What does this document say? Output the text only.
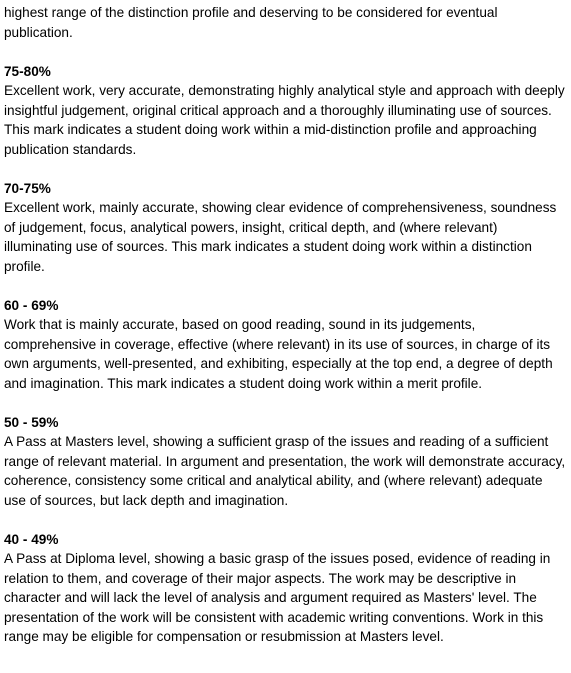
highest range of the distinction profile and deserving to be considered for eventual publication.

75-80%

Excellent work, very accurate, demonstrating highly analytical style and approach with deeply insightful judgement, original critical approach and a thoroughly illuminating use of sources. This mark indicates a student doing work within a mid-distinction profile and approaching publication standards.

70-75%

Excellent work, mainly accurate, showing clear evidence of comprehensiveness, soundness of judgement, focus, analytical powers, insight, critical depth, and (where relevant) illuminating use of sources. This mark indicates a student doing work within a distinction profile.

60 - 69%

Work that is mainly accurate, based on good reading, sound in its judgements, comprehensive in coverage, effective (where relevant) in its use of sources, in charge of its own arguments, well-presented, and exhibiting, especially at the top end, a degree of depth and imagination. This mark indicates a student doing work within a merit profile.

50 - 59%

A Pass at Masters level, showing a sufficient grasp of the issues and reading of a sufficient range of relevant material. In argument and presentation, the work will demonstrate accuracy, coherence, consistency some critical and analytical ability, and (where relevant) adequate use of sources, but lack depth and imagination.

40 - 49%

A Pass at Diploma level, showing a basic grasp of the issues posed, evidence of reading in relation to them, and coverage of their major aspects. The work may be descriptive in character and will lack the level of analysis and argument required as Masters' level. The presentation of the work will be consistent with academic writing conventions. Work in this range may be eligible for compensation or resubmission at Masters level.
